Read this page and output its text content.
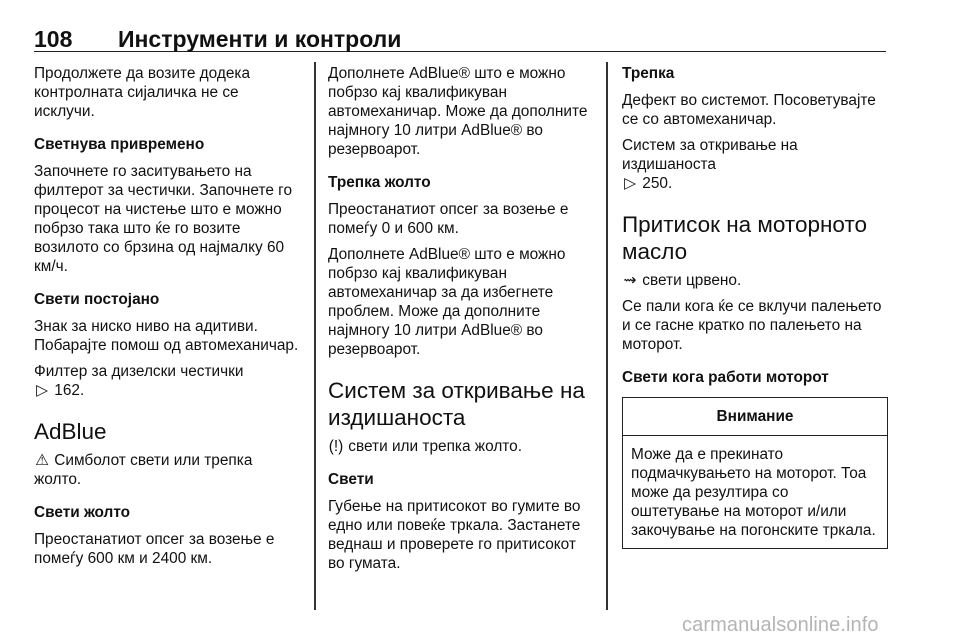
108 Инструменти и контроли

Продолжете да возите додека контролната сијаличка не се исклучи.

Светнува привремено

Започнете го заситувањето на филтерот за честички. Започнете го процесот на чистење што е можно побрзо така што ќе го возите возилото со брзина од најмалку 60 км/ч.

Свети постојано

Знак за ниско ниво на адитиви. Побарајте помош од автомеханичар.

Филтер за дизелски честички
▷ 162.

AdBlue

⚠ Симболот свети или трепка жолто.

Свети жолто

Преостанатиот опсег за возење е помеѓу 600 км и 2400 км.

Дополнете AdBlue® што е можно побрзо кај квалификуван автомеханичар. Може да дополните најмногу 10 литри AdBlue® во резервоарот.

Трепка жолто

Преостанатиот опсег за возење е помеѓу 0 и 600 км.

Дополнете AdBlue® што е можно побрзо кај квалификуван автомеханичар за да избегнете проблем. Може да дополните најмногу 10 литри AdBlue® во резервоарот.

Систем за откривање на издишаноста

(!) свети или трепка жолто.

Свети

Губење на притисокот во гумите во едно или повеќе тркала. Застанете веднаш и проверете го притисокот во гумата.

Трепка

Дефект во системот. Посоветувајте се со автомеханичар.

Систем за откривање на издишаноста
▷ 250.

Притисок на моторното масло

⇝ свети црвено.

Се пали кога ќе се вклучи палењето и се гасне кратко по палењето на моторот.

Свети кога работи моторот
Внимание

Може да е прекинато подмачкувањето на моторот. Тоа може да резултира со оштетување на моторот и/или закочување на погонските тркала.

carmanualsonline.info
